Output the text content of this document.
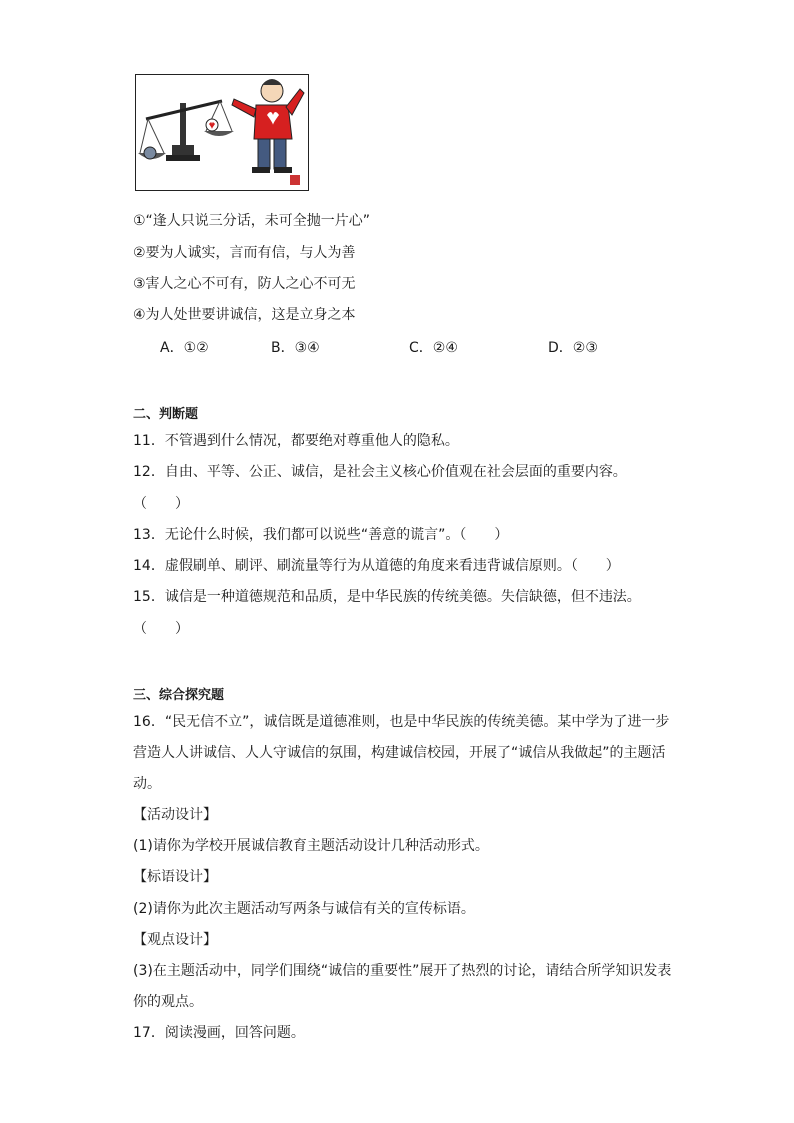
①“逢人只说三分话，未可全抛一片心”
②要为人诚实，言而有信，与人为善
③害人之心不可有，防人之心不可无
④为人处世要讲诚信，这是立身之本
A．①②	B．③④	C．②④	D．②③
二、判断题
11．不管遇到什么情况，都要绝对尊重他人的隐私。
12．自由、平等、公正、诚信，是社会主义核心价值观在社会层面的重要内容。
（　　）
13．无论什么时候，我们都可以说些“善意的谎言”。（　　）
14．虚假刷单、刷评、刷流量等行为从道德的角度来看违背诚信原则。（　　）
15．诚信是一种道德规范和品质，是中华民族的传统美德。失信缺德，但不违法。
（　　）
三、综合探究题
16．“民无信不立”，诚信既是道德准则，也是中华民族的传统美德。某中学为了进一步
营造人人讲诚信、人人守诚信的氛围，构建诚信校园，开展了“诚信从我做起”的主题活
动。
【活动设计】
(1)请你为学校开展诚信教育主题活动设计几种活动形式。
【标语设计】
(2)请你为此次主题活动写两条与诚信有关的宣传标语。
【观点设计】
(3)在主题活动中，同学们围绕“诚信的重要性”展开了热烈的讨论，请结合所学知识发表
你的观点。
17．阅读漫画，回答问题。
